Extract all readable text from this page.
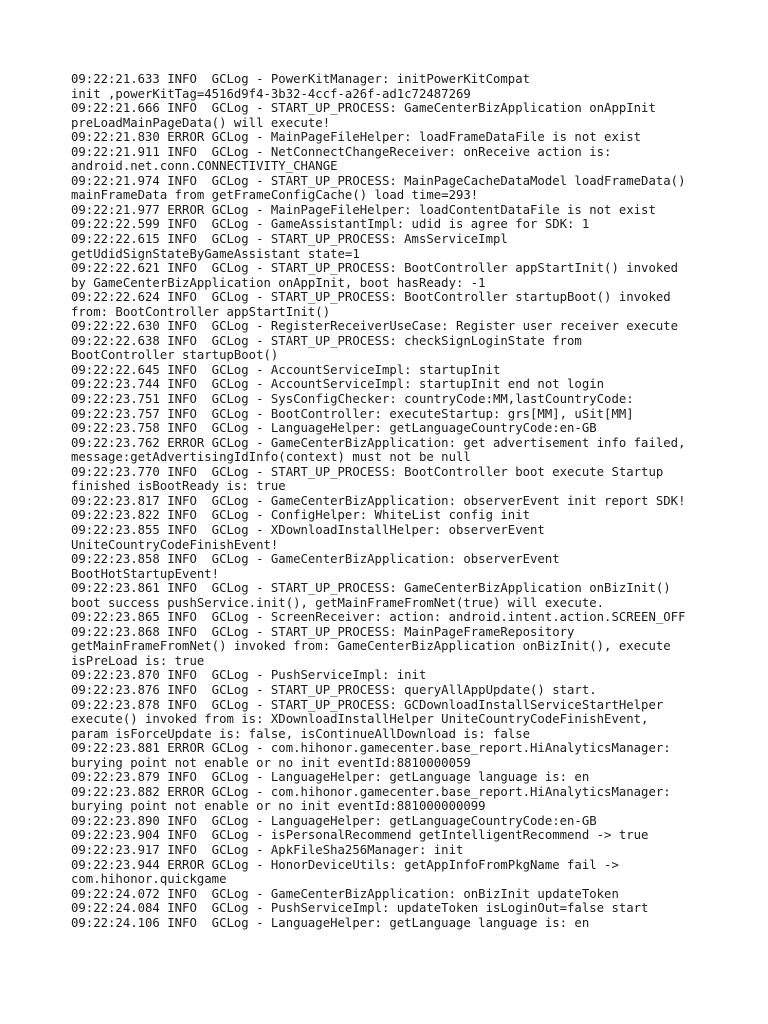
09:22:21.633 INFO  GCLog - PowerKitManager: initPowerKitCompat
init ,powerKitTag=4516d9f4-3b32-4ccf-a26f-ad1c72487269
09:22:21.666 INFO  GCLog - START_UP_PROCESS: GameCenterBizApplication onAppInit
preLoadMainPageData() will execute!
09:22:21.830 ERROR GCLog - MainPageFileHelper: loadFrameDataFile is not exist
09:22:21.911 INFO  GCLog - NetConnectChangeReceiver: onReceive action is:
android.net.conn.CONNECTIVITY_CHANGE
09:22:21.974 INFO  GCLog - START_UP_PROCESS: MainPageCacheDataModel loadFrameData()
mainFrameData from getFrameConfigCache() load time=293!
09:22:21.977 ERROR GCLog - MainPageFileHelper: loadContentDataFile is not exist
09:22:22.599 INFO  GCLog - GameAssistantImpl: udid is agree for SDK: 1
09:22:22.615 INFO  GCLog - START_UP_PROCESS: AmsServiceImpl
getUdidSignStateByGameAssistant state=1
09:22:22.621 INFO  GCLog - START_UP_PROCESS: BootController appStartInit() invoked
by GameCenterBizApplication onAppInit, boot hasReady: -1
09:22:22.624 INFO  GCLog - START_UP_PROCESS: BootController startupBoot() invoked
from: BootController appStartInit()
09:22:22.630 INFO  GCLog - RegisterReceiverUseCase: Register user receiver execute
09:22:22.638 INFO  GCLog - START_UP_PROCESS: checkSignLoginState from
BootController startupBoot()
09:22:22.645 INFO  GCLog - AccountServiceImpl: startupInit
09:22:23.744 INFO  GCLog - AccountServiceImpl: startupInit end not login
09:22:23.751 INFO  GCLog - SysConfigChecker: countryCode:MM,lastCountryCode:
09:22:23.757 INFO  GCLog - BootController: executeStartup: grs[MM], uSit[MM]
09:22:23.758 INFO  GCLog - LanguageHelper: getLanguageCountryCode:en-GB
09:22:23.762 ERROR GCLog - GameCenterBizApplication: get advertisement info failed,
message:getAdvertisingIdInfo(context) must not be null
09:22:23.770 INFO  GCLog - START_UP_PROCESS: BootController boot execute Startup
finished isBootReady is: true
09:22:23.817 INFO  GCLog - GameCenterBizApplication: observerEvent init report SDK!
09:22:23.822 INFO  GCLog - ConfigHelper: WhiteList config init
09:22:23.855 INFO  GCLog - XDownloadInstallHelper: observerEvent
UniteCountryCodeFinishEvent!
09:22:23.858 INFO  GCLog - GameCenterBizApplication: observerEvent
BootHotStartupEvent!
09:22:23.861 INFO  GCLog - START_UP_PROCESS: GameCenterBizApplication onBizInit()
boot success pushService.init(), getMainFrameFromNet(true) will execute.
09:22:23.865 INFO  GCLog - ScreenReceiver: action: android.intent.action.SCREEN_OFF
09:22:23.868 INFO  GCLog - START_UP_PROCESS: MainPageFrameRepository
getMainFrameFromNet() invoked from: GameCenterBizApplication onBizInit(), execute
isPreLoad is: true
09:22:23.870 INFO  GCLog - PushServiceImpl: init
09:22:23.876 INFO  GCLog - START_UP_PROCESS: queryAllAppUpdate() start.
09:22:23.878 INFO  GCLog - START_UP_PROCESS: GCDownloadInstallServiceStartHelper
execute() invoked from is: XDownloadInstallHelper UniteCountryCodeFinishEvent,
param isForceUpdate is: false, isContinueAllDownload is: false
09:22:23.881 ERROR GCLog - com.hihonor.gamecenter.base_report.HiAnalyticsManager:
burying point not enable or no init eventId:8810000059
09:22:23.879 INFO  GCLog - LanguageHelper: getLanguage language is: en
09:22:23.882 ERROR GCLog - com.hihonor.gamecenter.base_report.HiAnalyticsManager:
burying point not enable or no init eventId:881000000099
09:22:23.890 INFO  GCLog - LanguageHelper: getLanguageCountryCode:en-GB
09:22:23.904 INFO  GCLog - isPersonalRecommend getIntelligentRecommend -> true
09:22:23.917 INFO  GCLog - ApkFileSha256Manager: init
09:22:23.944 ERROR GCLog - HonorDeviceUtils: getAppInfoFromPkgName fail ->
com.hihonor.quickgame
09:22:24.072 INFO  GCLog - GameCenterBizApplication: onBizInit updateToken
09:22:24.084 INFO  GCLog - PushServiceImpl: updateToken isLoginOut=false start
09:22:24.106 INFO  GCLog - LanguageHelper: getLanguage language is: en
